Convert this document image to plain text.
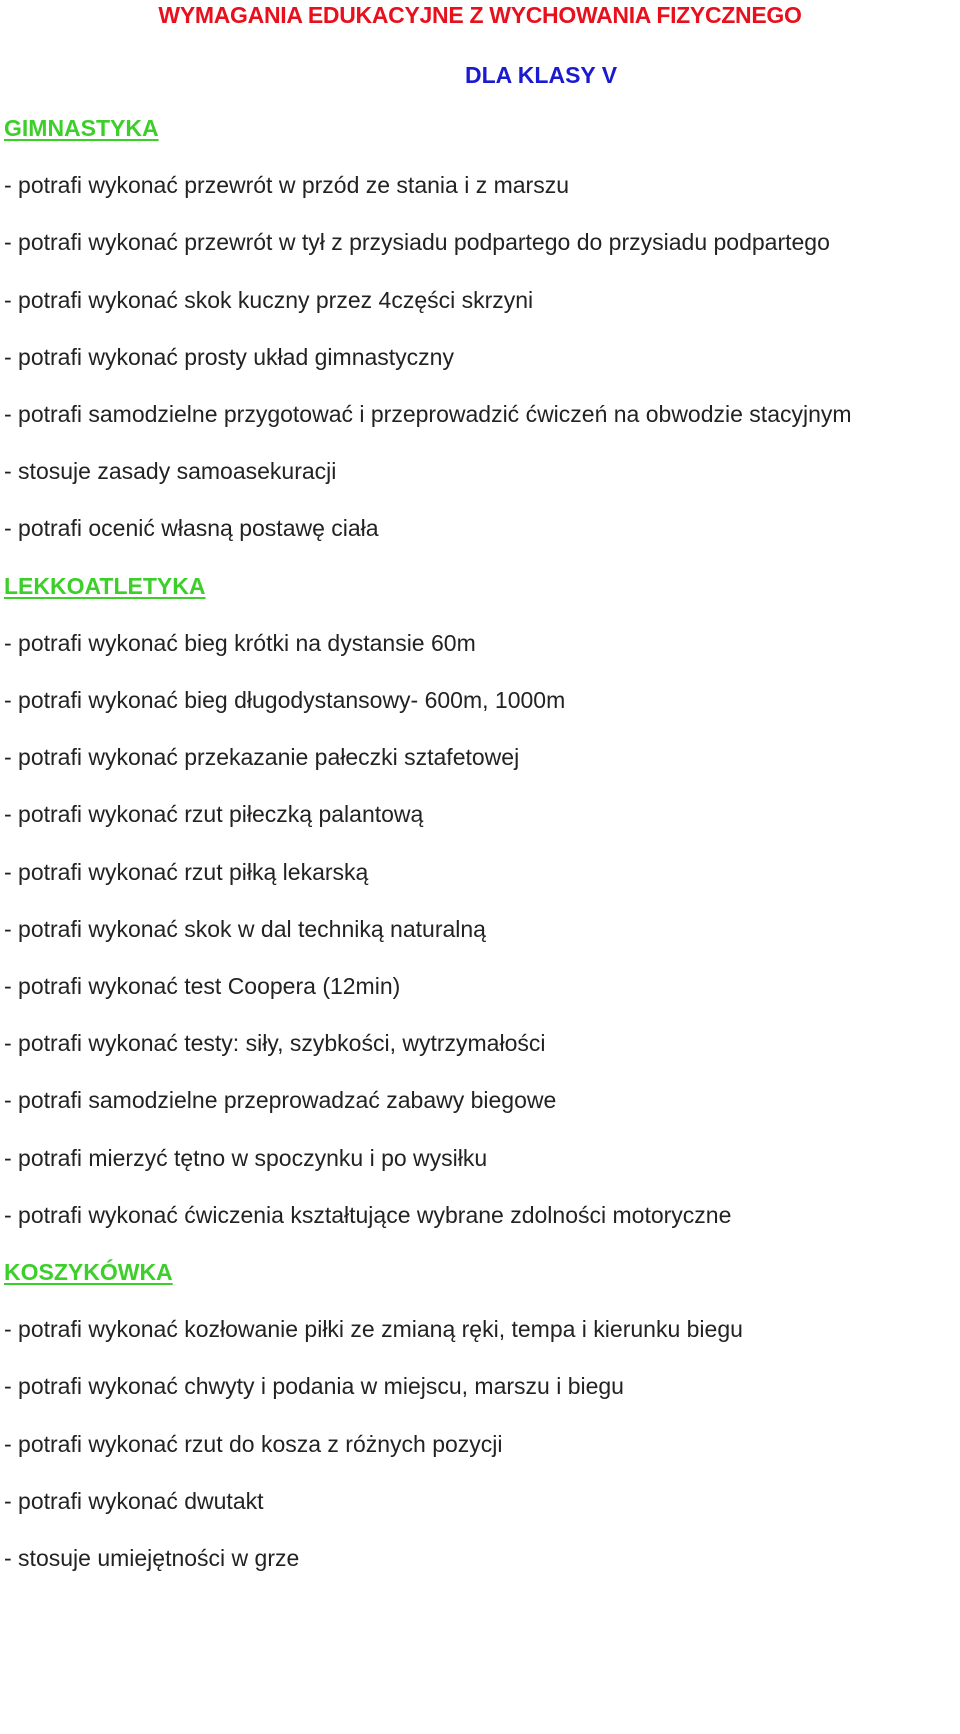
WYMAGANIA EDUKACYJNE Z WYCHOWANIA FIZYCZNEGO
DLA KLASY V
GIMNASTYKA
- potrafi wykonać przewrót w przód ze stania i z marszu
- potrafi wykonać przewrót w tył z przysiadu podpartego do przysiadu podpartego
- potrafi wykonać skok kuczny przez 4części skrzyni
- potrafi wykonać prosty układ gimnastyczny
- potrafi samodzielne przygotować i przeprowadzić ćwiczeń na obwodzie stacyjnym
- stosuje zasady samoasekuracji
- potrafi ocenić własną postawę ciała
LEKKOATLETYKA
- potrafi wykonać bieg krótki na dystansie 60m
- potrafi wykonać bieg długodystansowy- 600m, 1000m
- potrafi wykonać przekazanie pałeczki sztafetowej
- potrafi wykonać rzut piłeczką palantową
- potrafi wykonać rzut piłką lekarską
- potrafi wykonać skok w dal techniką naturalną
- potrafi wykonać test Coopera (12min)
- potrafi wykonać testy: siły, szybkości, wytrzymałości
- potrafi samodzielne przeprowadzać zabawy biegowe
- potrafi mierzyć tętno w spoczynku i po wysiłku
- potrafi wykonać ćwiczenia kształtujące wybrane zdolności motoryczne
KOSZYKÓWKA
- potrafi wykonać kozłowanie piłki ze zmianą ręki, tempa i kierunku biegu
- potrafi wykonać chwyty i podania w miejscu, marszu i biegu
- potrafi wykonać rzut do kosza z różnych pozycji
- potrafi wykonać dwutakt
- stosuje umiejętności w grze
